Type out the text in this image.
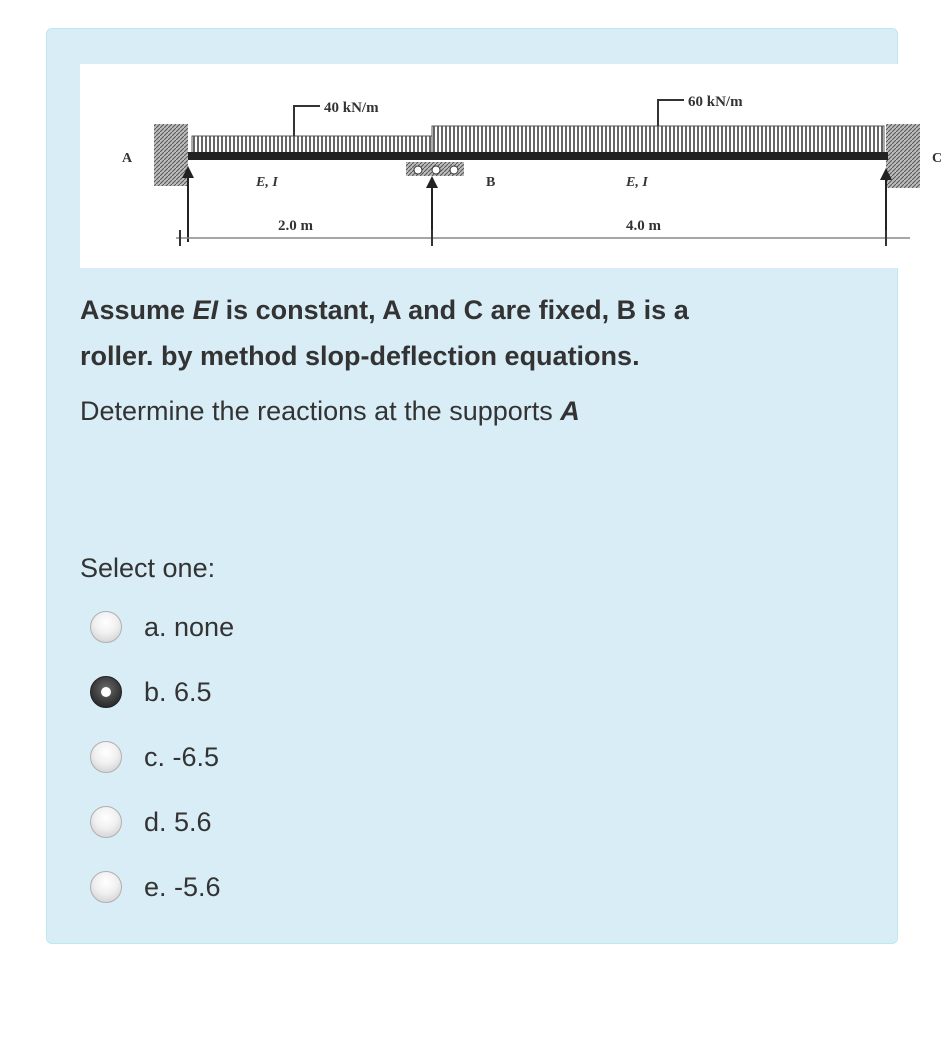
40 kN/m	60 kN/m
A
B
C
E, I	E, I
2.0 m	4.0 m
Assume EI is constant, A and C are fixed, B is a
roller. by method slop-deflection equations.
Determine the reactions at the supports A
Select one:
a. none
b. 6.5
c. -6.5
d. 5.6
e. -5.6
